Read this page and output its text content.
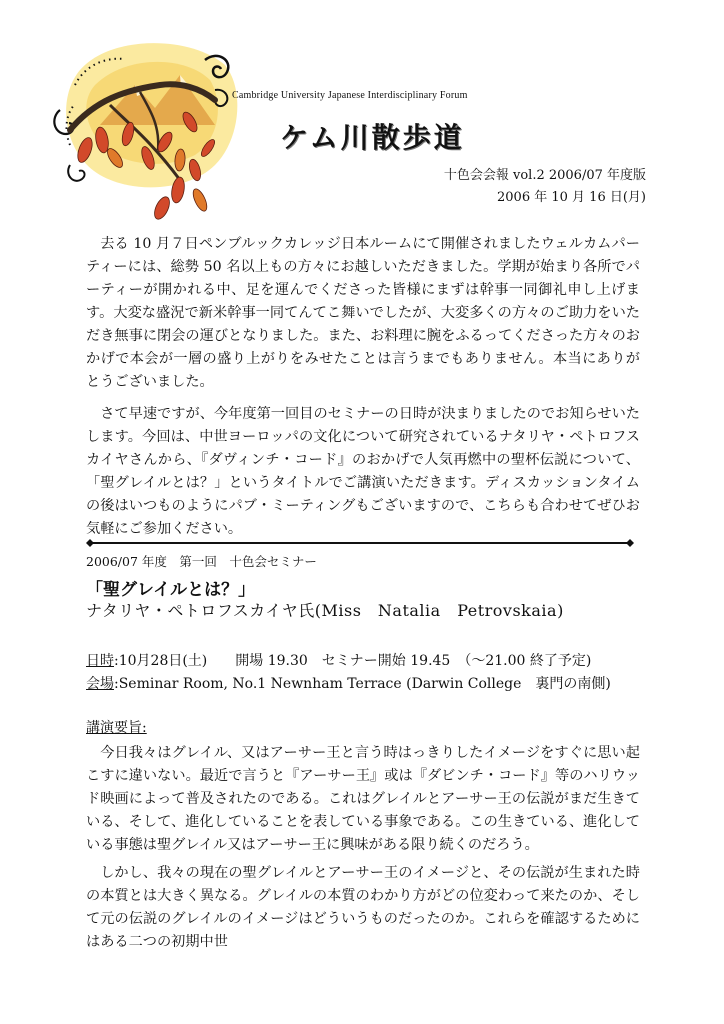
Cambridge University Japanese Interdisciplinary Forum
ケム川散歩道
十色会会報 vol.2 2006/07 年度版
2006 年 10 月 16 日(月)

去る 10 月７日ペンブルックカレッジ日本ルームにて開催されましたウェルカムパーティーには、総勢 50 名以上もの方々にお越しいただきました。学期が始まり各所でパーティーが開かれる中、足を運んでくださった皆様にまずは幹事一同御礼申し上げます。大変な盛況で新米幹事一同てんてこ舞いでしたが、大変多くの方々のご助力をいただき無事に閉会の運びとなりました。また、お料理に腕をふるってくださった方々のおかげで本会が一層の盛り上がりをみせたことは言うまでもありません。本当にありがとうございました。

さて早速ですが、今年度第一回目のセミナーの日時が決まりましたのでお知らせいたします。今回は、中世ヨーロッパの文化について研究されているナタリヤ・ペトロフスカイヤさんから、『ダヴィンチ・コード』のおかげで人気再燃中の聖杯伝説について、「聖グレイルとは？」というタイトルでご講演いただきます。ディスカッションタイムの後はいつものようにパブ・ミーティングもございますので、こちらも合わせてぜひお気軽にご参加ください。

2006/07 年度　第一回　十色会セミナー
「聖グレイルとは？」
ナタリヤ・ペトロフスカイヤ氏(Miss　Natalia　Petrovskaia)
日時:10月28日(土)　　開場 19.30　セミナー開始 19.45　（～21.00 終了予定)
会場:Seminar Room, No.1 Newnham Terrace (Darwin College　裏門の南側)
講演要旨:

今日我々はグレイル、又はアーサー王と言う時はっきりしたイメージをすぐに思い起こすに違いない。最近で言うと『アーサー王』或は『ダビンチ・コード』等のハリウッド映画によって普及されたのである。これはグレイルとアーサー王の伝説がまだ生きている、そして、進化していることを表している事象である。この生きている、進化している事態は聖グレイル又はアーサー王に興味がある限り続くのだろう。

しかし、我々の現在の聖グレイルとアーサー王のイメージと、その伝説が生まれた時の本質とは大きく異なる。グレイルの本質のわかり方がどの位変わって来たのか、そして元の伝説のグレイルのイメージはどういうものだったのか。これらを確認するためにはある二つの初期中世
